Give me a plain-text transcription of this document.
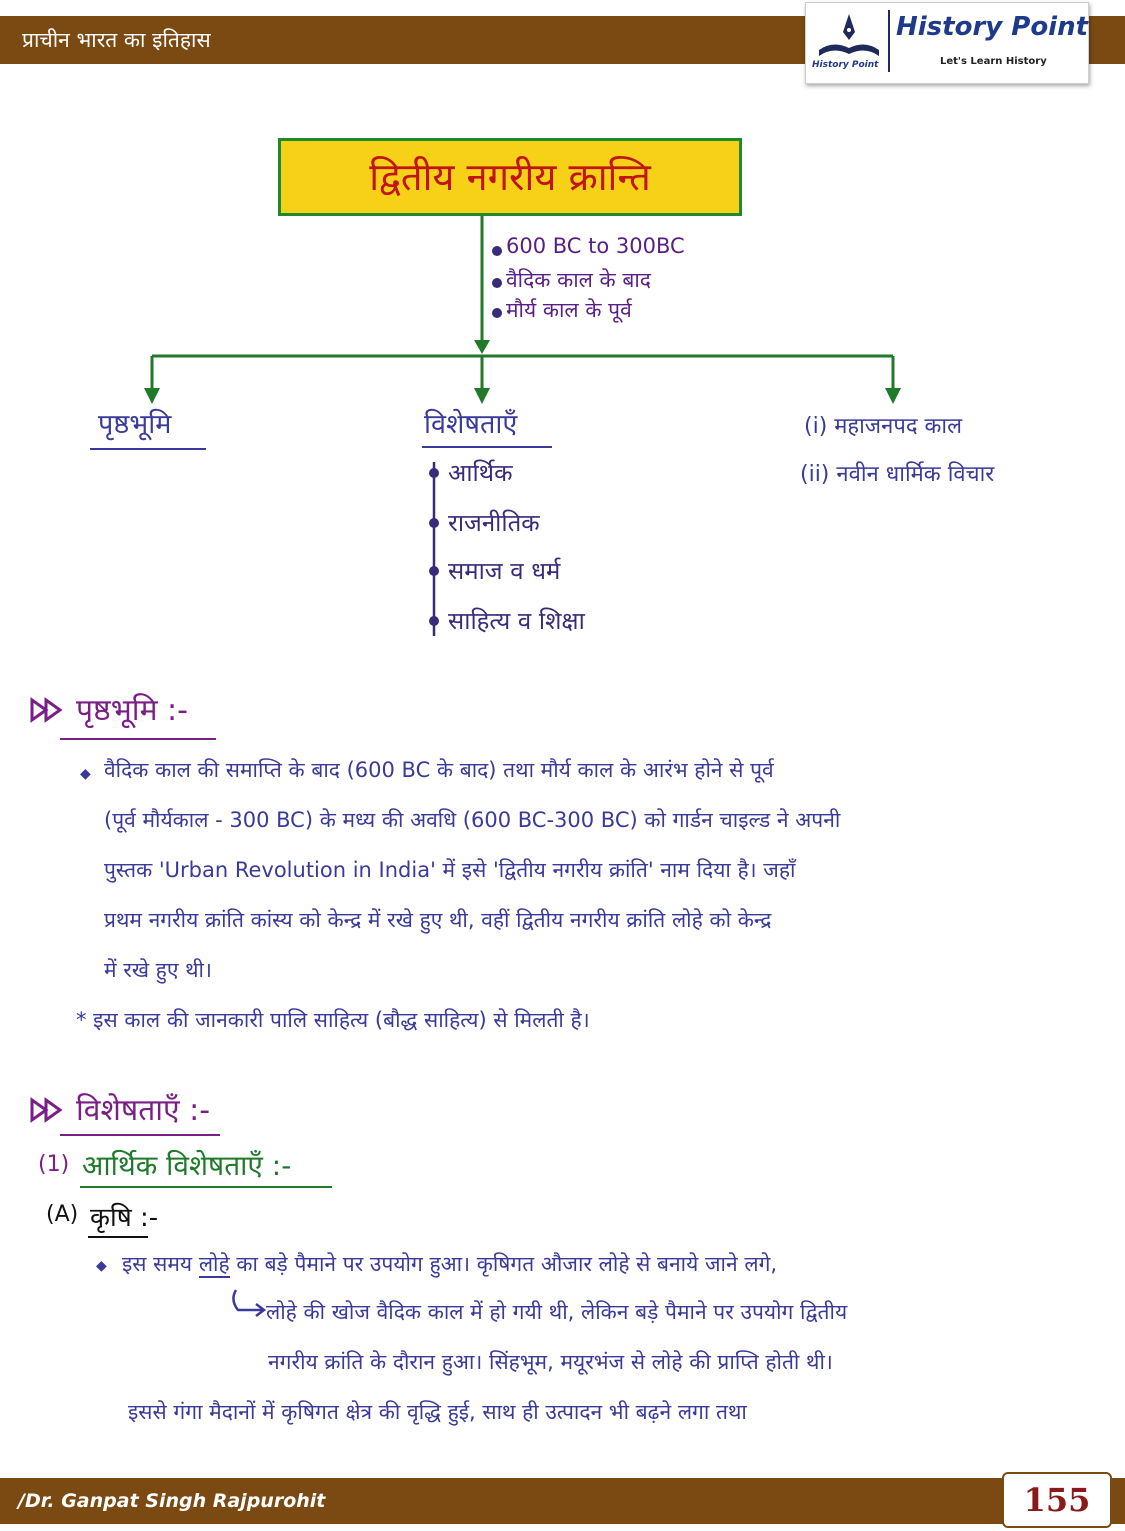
प्राचीन भारत का इतिहास
History Point
History Point
Let's Learn History
द्वितीय नगरीय क्रान्ति
600 BC to 300BC
वैदिक काल के बाद
मौर्य काल के पूर्व
पृष्ठभूमि	विशेषताएँ	(i) महाजनपद काल
(ii) नवीन धार्मिक विचार
आर्थिक
राजनीतिक
समाज व धर्म
साहित्य व शिक्षा
पृष्ठभूमि :-
◆ वैदिक काल की समाप्ति के बाद (600 BC के बाद) तथा मौर्य काल के आरंभ होने से पूर्व
(पूर्व मौर्यकाल - 300 BC) के मध्य की अवधि (600 BC-300 BC) को गार्डन चाइल्ड ने अपनी
पुस्तक 'Urban Revolution in India' में इसे 'द्वितीय नगरीय क्रांति' नाम दिया है। जहाँ
प्रथम नगरीय क्रांति कांस्य को केन्द्र में रखे हुए थी, वहीं द्वितीय नगरीय क्रांति लोहे को केन्द्र
में रखे हुए थी।
* इस काल की जानकारी पालि साहित्य (बौद्ध साहित्य) से मिलती है।
विशेषताएँ :-
(1) आर्थिक विशेषताएँ :-
(A) कृषि :-
◆ इस समय लोहे का बड़े पैमाने पर उपयोग हुआ। कृषिगत औजार लोहे से बनाये जाने लगे,
लोहे की खोज वैदिक काल में हो गयी थी, लेकिन बड़े पैमाने पर उपयोग द्वितीय
नगरीय क्रांति के दौरान हुआ। सिंहभूम, मयूरभंज से लोहे की प्राप्ति होती थी।
इससे गंगा मैदानों में कृषिगत क्षेत्र की वृद्धि हुई, साथ ही उत्पादन भी बढ़ने लगा तथा
/Dr. Ganpat Singh Rajpurohit	155
